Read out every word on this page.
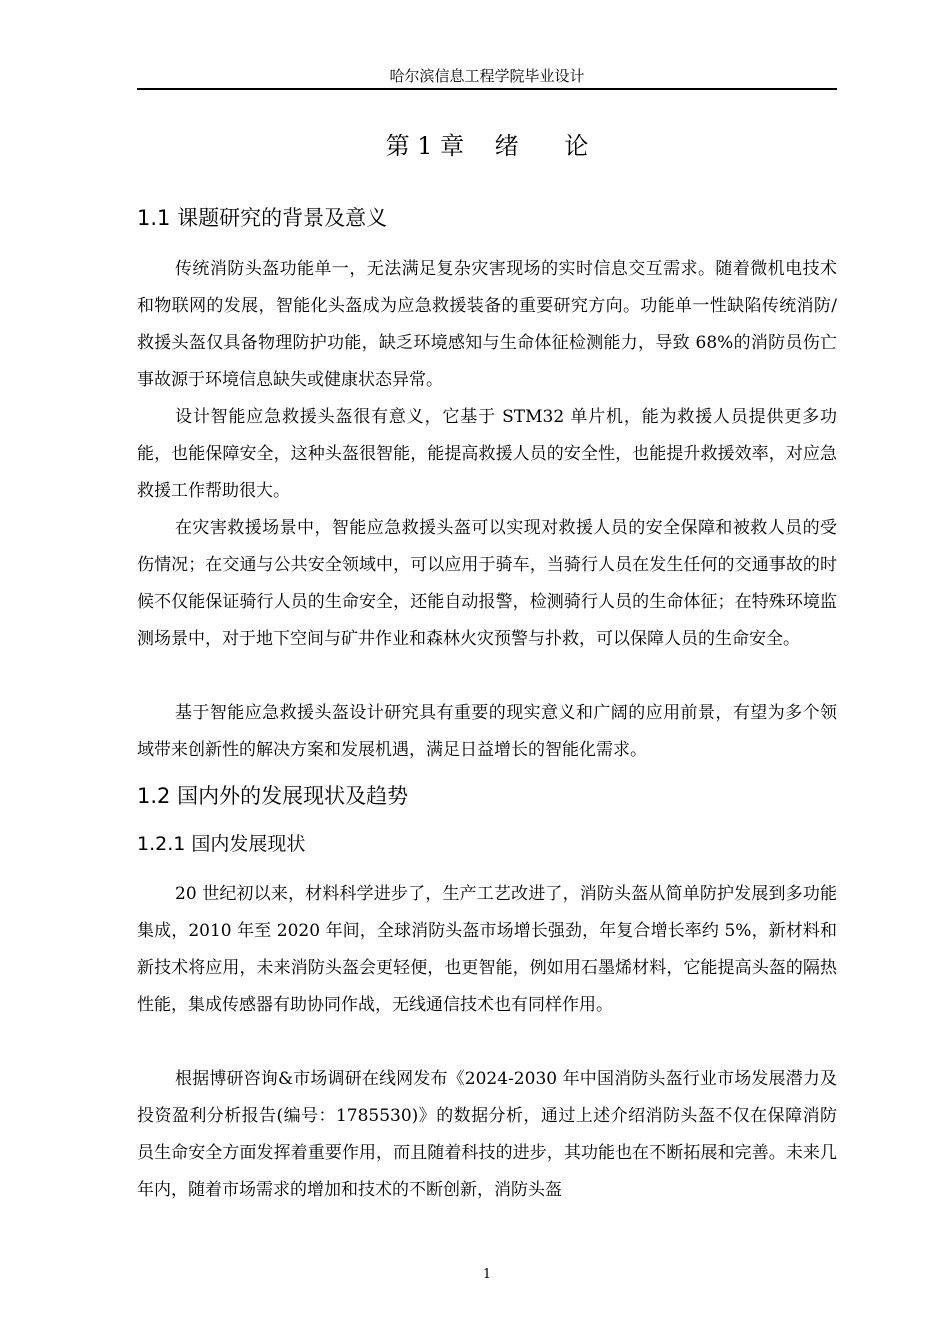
哈尔滨信息工程学院毕业设计
第 1 章    绪      论
1.1 课题研究的背景及意义

传统消防头盔功能单一，无法满足复杂灾害现场的实时信息交互需求。随着微机电技术和物联网的发展，智能化头盔成为应急救援装备的重要研究方向。功能单一性缺陷传统消防/救援头盔仅具备物理防护功能，缺乏环境感知与生命体征检测能力，导致 68%的消防员伤亡事故源于环境信息缺失或健康状态异常。

设计智能应急救援头盔很有意义，它基于 STM32 单片机，能为救援人员提供更多功能，也能保障安全，这种头盔很智能，能提高救援人员的安全性，也能提升救援效率，对应急救援工作帮助很大。

在灾害救援场景中，智能应急救援头盔可以实现对救援人员的安全保障和被救人员的受伤情况；在交通与公共安全领域中，可以应用于骑车，当骑行人员在发生任何的交通事故的时候不仅能保证骑行人员的生命安全，还能自动报警，检测骑行人员的生命体征；在特殊环境监测场景中，对于地下空间与矿井作业和森林火灾预警与扑救，可以保障人员的生命安全。

基于智能应急救援头盔设计研究具有重要的现实意义和广阔的应用前景，有望为多个领域带来创新性的解决方案和发展机遇，满足日益增长的智能化需求。

1.2 国内外的发展现状及趋势
1.2.1 国内发展现状

20 世纪初以来，材料科学进步了，生产工艺改进了，消防头盔从简单防护发展到多功能集成，2010 年至 2020 年间，全球消防头盔市场增长强劲，年复合增长率约 5%，新材料和新技术将应用，未来消防头盔会更轻便，也更智能，例如用石墨烯材料，它能提高头盔的隔热性能，集成传感器有助协同作战，无线通信技术也有同样作用。

根据博研咨询&市场调研在线网发布《2024-2030 年中国消防头盔行业市场发展潜力及投资盈利分析报告(编号：1785530)》的数据分析，通过上述介绍消防头盔不仅在保障消防员生命安全方面发挥着重要作用，而且随着科技的进步，其功能也在不断拓展和完善。未来几年内，随着市场需求的增加和技术的不断创新，消防头盔

1
